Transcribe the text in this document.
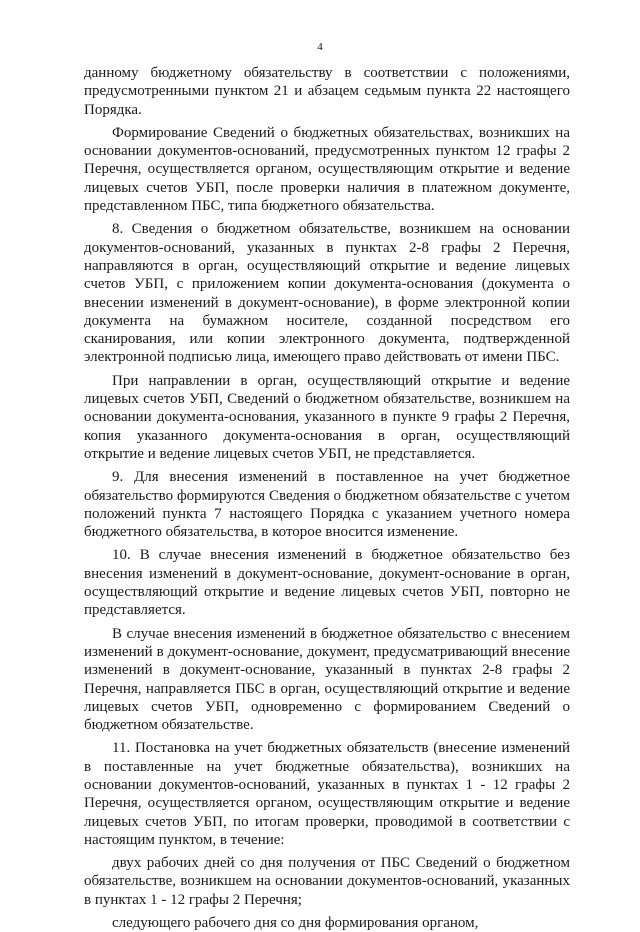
4

данному бюджетному обязательству в соответствии с положениями, предусмотренными пунктом 21 и абзацем седьмым пункта 22 настоящего Порядка.

Формирование Сведений о бюджетных обязательствах, возникших на основании документов-оснований, предусмотренных пунктом 12 графы 2 Перечня, осуществляется органом, осуществляющим открытие и ведение лицевых счетов УБП, после проверки наличия в платежном документе, представленном ПБС, типа бюджетного обязательства.

8. Сведения о бюджетном обязательстве, возникшем на основании документов-оснований, указанных в пунктах 2-8 графы 2 Перечня, направляются в орган, осуществляющий открытие и ведение лицевых счетов УБП, с приложением копии документа-основания (документа о внесении изменений в документ-основание), в форме электронной копии документа на бумажном носителе, созданной посредством его сканирования, или копии электронного документа, подтвержденной электронной подписью лица, имеющего право действовать от имени ПБС.

При направлении в орган, осуществляющий открытие и ведение лицевых счетов УБП, Сведений о бюджетном обязательстве, возникшем на основании документа-основания, указанного в пункте 9 графы 2 Перечня, копия указанного документа-основания в орган, осуществляющий открытие и ведение лицевых счетов УБП, не представляется.

9. Для внесения изменений в поставленное на учет бюджетное обязательство формируются Сведения о бюджетном обязательстве с учетом положений пункта 7 настоящего Порядка с указанием учетного номера бюджетного обязательства, в которое вносится изменение.

10. В случае внесения изменений в бюджетное обязательство без внесения изменений в документ-основание, документ-основание в орган, осуществляющий открытие и ведение лицевых счетов УБП, повторно не представляется.

В случае внесения изменений в бюджетное обязательство с внесением изменений в документ-основание, документ, предусматривающий внесение изменений в документ-основание, указанный в пунктах 2-8 графы 2 Перечня, направляется ПБС в орган, осуществляющий открытие и ведение лицевых счетов УБП, одновременно с формированием Сведений о бюджетном обязательстве.

11. Постановка на учет бюджетных обязательств (внесение изменений в поставленные на учет бюджетные обязательства), возникших на основании документов-оснований, указанных в пунктах 1 - 12 графы 2 Перечня, осуществляется органом, осуществляющим открытие и ведение лицевых счетов УБП, по итогам проверки, проводимой в соответствии с настоящим пунктом, в течение:

двух рабочих дней со дня получения от ПБС Сведений о бюджетном обязательстве, возникшем на основании документов-оснований, указанных в пунктах 1 - 12 графы 2 Перечня;

следующего рабочего дня со дня формирования органом,
